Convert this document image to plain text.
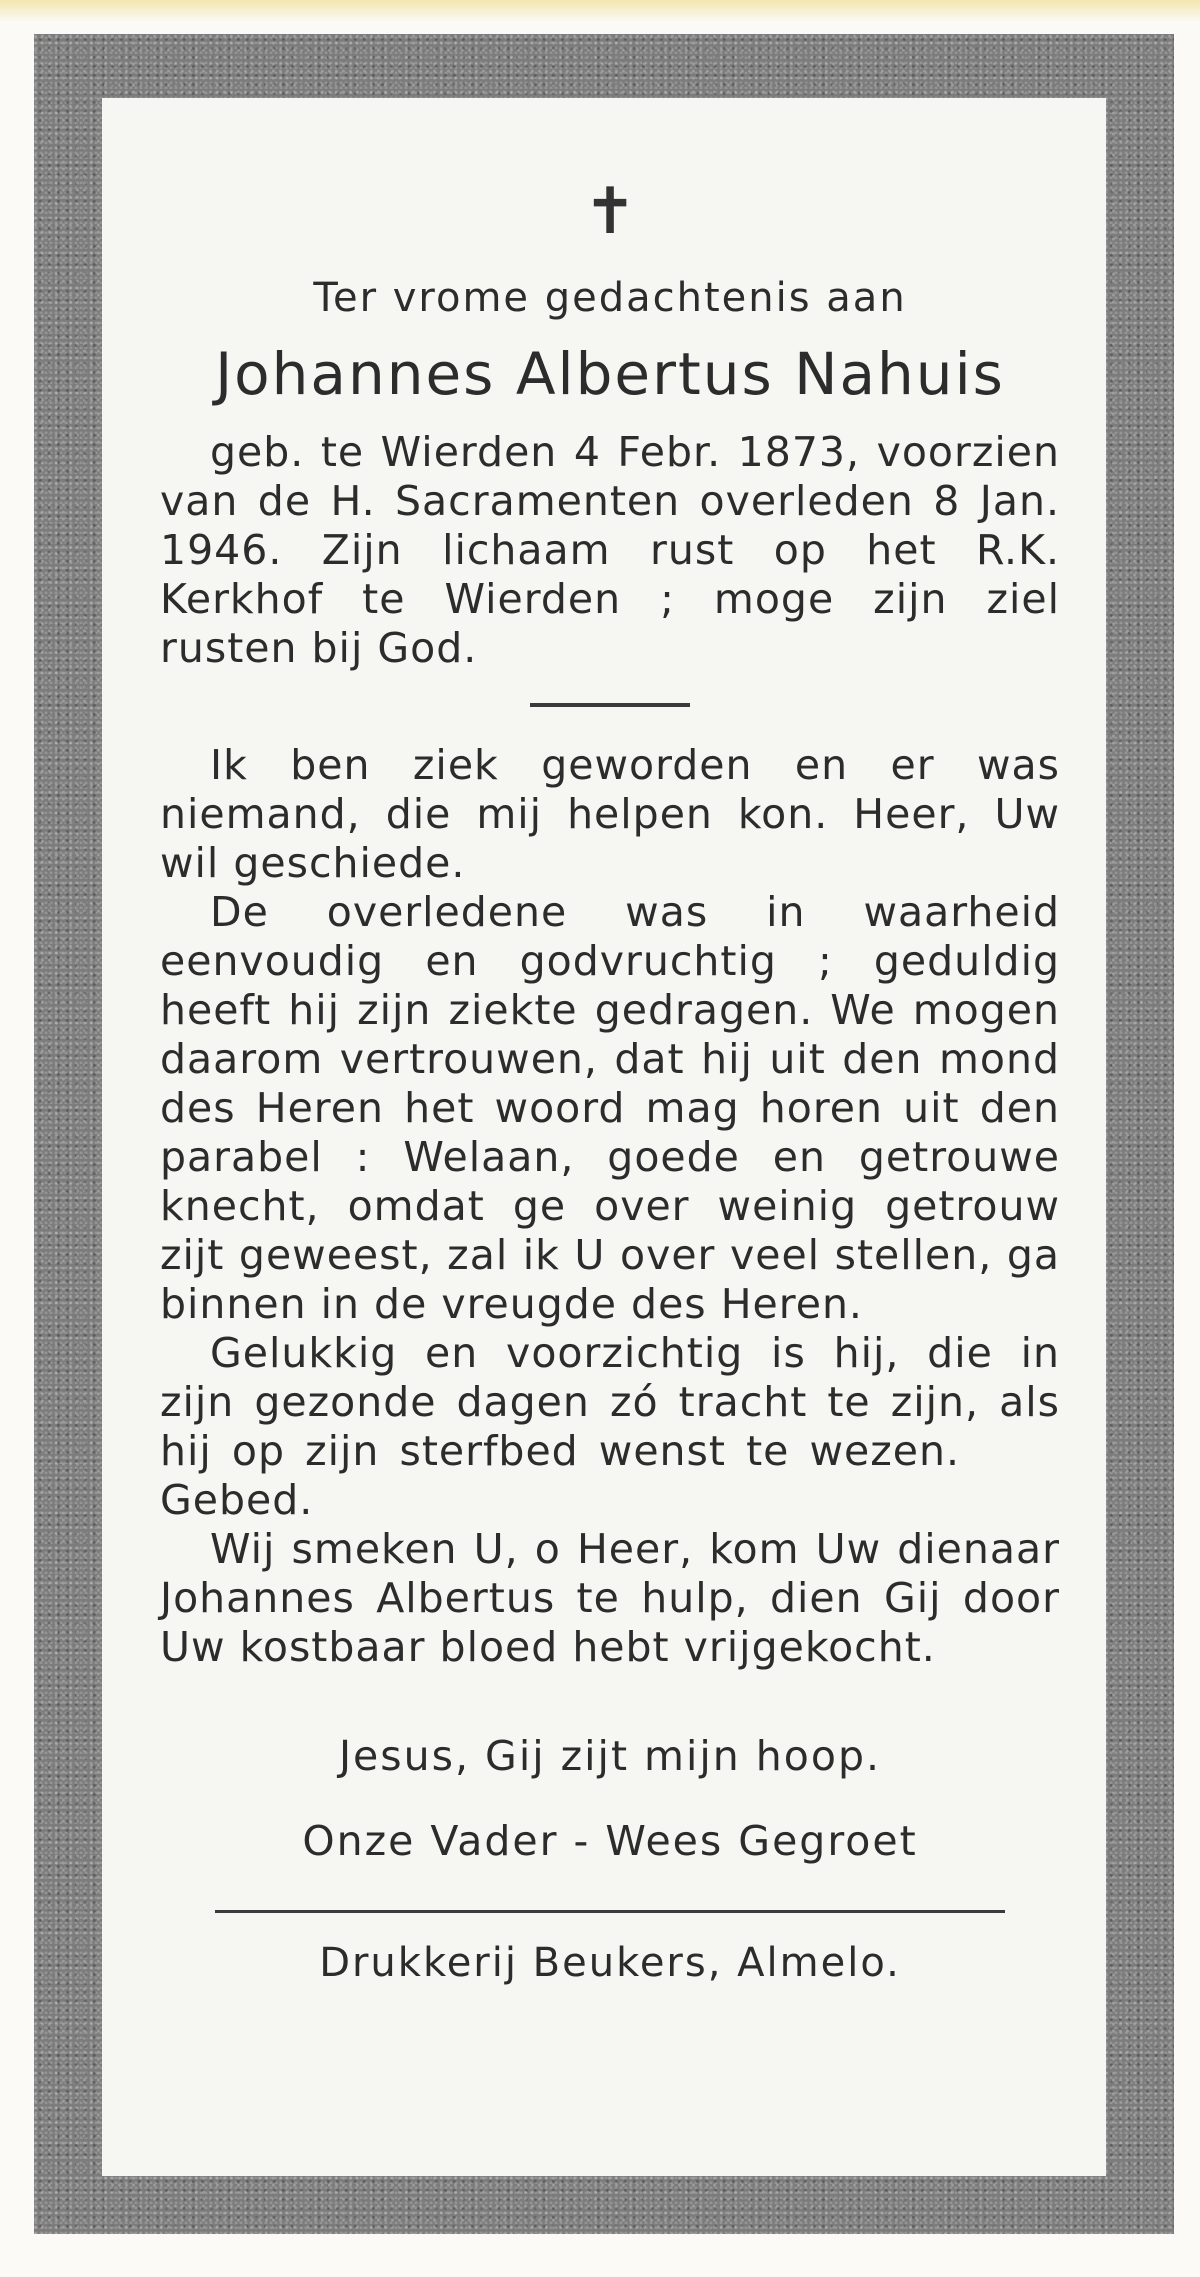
✝

Ter vrome gedachtenis aan

Johannes Albertus Nahuis

geb. te Wierden 4 Febr. 1873, voorzien van de H. Sacramenten overleden 8 Jan. 1946. Zijn lichaam rust op het R.K. Kerkhof te Wierden ; moge zijn ziel rusten bij God.

Ik ben ziek geworden en er was niemand, die mij helpen kon. Heer, Uw wil geschiede.

De overledene was in waarheid eenvoudig en godvruchtig ; geduldig heeft hij zijn ziekte gedragen. We mogen daarom vertrouwen, dat hij uit den mond des Heren het woord mag horen uit den parabel : Welaan, goede en getrouwe knecht, omdat ge over weinig getrouw zijt geweest, zal ik U over veel stellen, ga binnen in de vreugde des Heren.

Gelukkig en voorzichtig is hij, die in zijn gezonde dagen zó tracht te zijn, als hij op zijn sterfbed wenst te wezen.Gebed.

Wij smeken U, o Heer, kom Uw dienaar Johannes Albertus te hulp, dien Gij door Uw kostbaar bloed hebt vrijgekocht.

Jesus, Gij zijt mijn hoop.

Onze Vader - Wees Gegroet

Drukkerij Beukers, Almelo.
